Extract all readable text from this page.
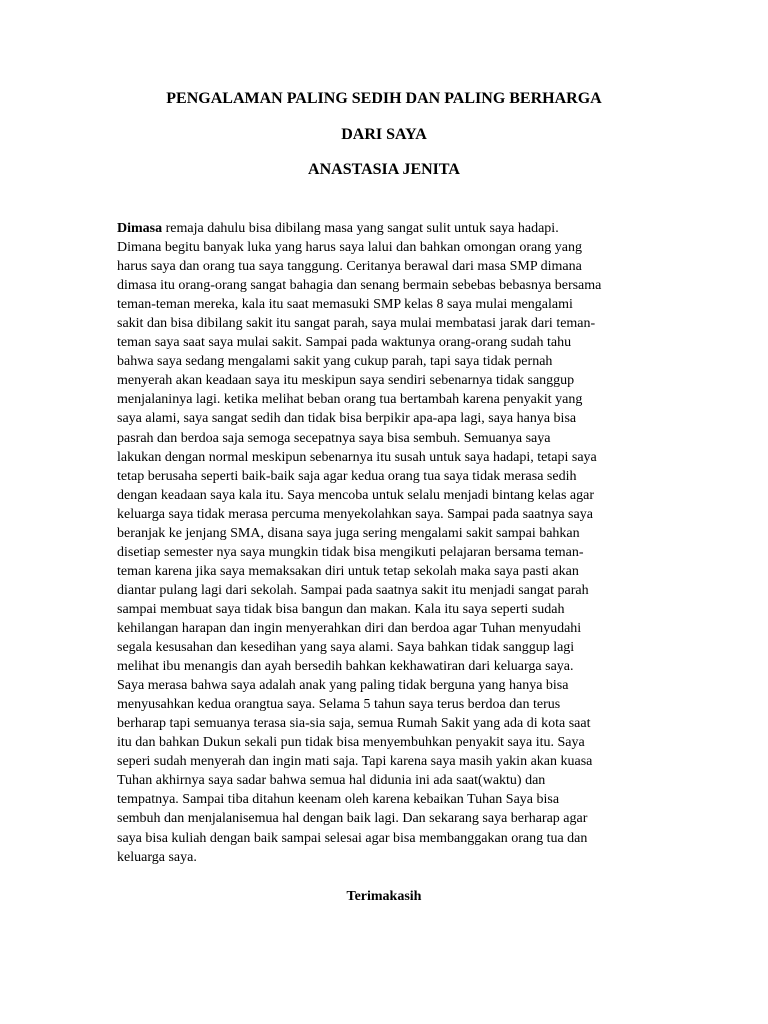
PENGALAMAN PALING SEDIH DAN PALING BERHARGA
DARI SAYA
ANASTASIA JENITA
Dimasa remaja dahulu bisa dibilang masa yang sangat sulit untuk saya hadapi.
Dimana begitu banyak luka yang harus saya lalui dan bahkan omongan orang yang
harus saya dan orang tua saya tanggung. Ceritanya berawal dari masa SMP dimana
dimasa itu orang-orang sangat bahagia dan senang bermain sebebas bebasnya bersama
teman-teman mereka, kala itu saat memasuki SMP kelas 8 saya mulai mengalami
sakit dan bisa dibilang sakit itu sangat parah, saya mulai membatasi jarak dari teman-
teman saya saat saya mulai sakit. Sampai pada waktunya orang-orang sudah tahu
bahwa saya sedang mengalami sakit yang cukup parah, tapi saya tidak pernah
menyerah akan keadaan saya itu meskipun saya sendiri sebenarnya tidak sanggup
menjalaninya lagi. ketika melihat beban orang tua bertambah karena penyakit yang
saya alami, saya sangat sedih dan tidak bisa berpikir apa-apa lagi, saya hanya bisa
pasrah dan berdoa saja semoga secepatnya saya bisa sembuh. Semuanya saya
lakukan dengan normal meskipun sebenarnya itu susah untuk saya hadapi, tetapi saya
tetap berusaha seperti baik-baik saja agar kedua orang tua saya tidak merasa sedih
dengan keadaan saya kala itu. Saya mencoba untuk selalu menjadi bintang kelas agar
keluarga saya tidak merasa percuma menyekolahkan saya. Sampai pada saatnya saya
beranjak ke jenjang SMA, disana saya juga sering mengalami sakit sampai bahkan
disetiap semester nya saya mungkin tidak bisa mengikuti pelajaran bersama teman-
teman karena jika saya memaksakan diri untuk tetap sekolah maka saya pasti akan
diantar pulang lagi dari sekolah. Sampai pada saatnya sakit itu menjadi sangat parah
sampai membuat saya tidak bisa bangun dan makan. Kala itu saya seperti sudah
kehilangan harapan dan ingin menyerahkan diri dan berdoa agar Tuhan menyudahi
segala kesusahan dan kesedihan yang saya alami. Saya bahkan tidak sanggup lagi
melihat ibu menangis dan ayah bersedih bahkan kekhawatiran dari keluarga saya.
Saya merasa bahwa saya adalah anak yang paling tidak berguna yang hanya bisa
menyusahkan kedua orangtua saya. Selama 5 tahun saya terus berdoa dan terus
berharap tapi semuanya terasa sia-sia saja, semua Rumah Sakit yang ada di kota saat
itu dan bahkan Dukun sekali pun tidak bisa menyembuhkan penyakit saya itu. Saya
seperi sudah menyerah dan ingin mati saja. Tapi karena saya masih yakin akan kuasa
Tuhan akhirnya saya sadar bahwa semua hal didunia ini ada saat(waktu) dan
tempatnya. Sampai tiba ditahun keenam oleh karena kebaikan Tuhan Saya bisa
sembuh dan menjalanisemua hal dengan baik lagi. Dan sekarang saya berharap agar
saya bisa kuliah dengan baik sampai selesai agar bisa membanggakan orang tua dan
keluarga saya.

Terimakasih
